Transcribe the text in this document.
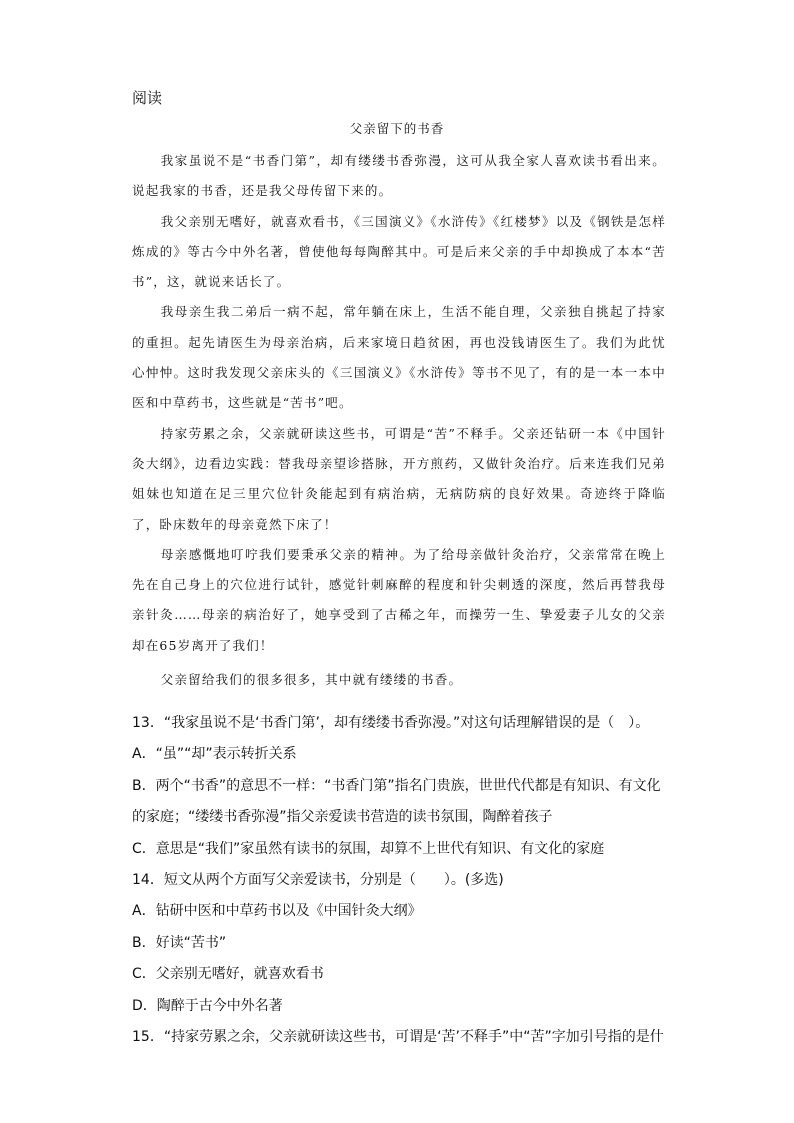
阅读
父亲留下的书香

我家虽说不是“书香门第”，却有缕缕书香弥漫，这可从我全家人喜欢读书看出来。说起我家的书香，还是我父母传留下来的。

我父亲别无嗜好，就喜欢看书，《三国演义》《水浒传》《红楼梦》以及《钢铁是怎样炼成的》等古今中外名著，曾使他每每陶醉其中。可是后来父亲的手中却换成了本本“苦书”，这，就说来话长了。

我母亲生我二弟后一病不起，常年躺在床上，生活不能自理，父亲独自挑起了持家的重担。起先请医生为母亲治病，后来家境日趋贫困，再也没钱请医生了。我们为此忧心忡忡。这时我发现父亲床头的《三国演义》《水浒传》等书不见了，有的是一本一本中医和中草药书，这些就是“苦书”吧。

持家劳累之余，父亲就研读这些书，可谓是“苦”不释手。父亲还钻研一本《中国针灸大纲》，边看边实践：替我母亲望诊搭脉，开方煎药，又做针灸治疗。后来连我们兄弟姐妹也知道在足三里穴位针灸能起到有病治病，无病防病的良好效果。奇迹终于降临了，卧床数年的母亲竟然下床了！

母亲感慨地叮咛我们要秉承父亲的精神。为了给母亲做针灸治疗，父亲常常在晚上先在自己身上的穴位进行试针，感觉针刺麻醉的程度和针尖刺透的深度，然后再替我母亲针灸……母亲的病治好了，她享受到了古稀之年，而操劳一生、挚爱妻子儿女的父亲却在65岁离开了我们！

父亲留给我们的很多很多，其中就有缕缕的书香。

13．“我家虽说不是‘书香门第’，却有缕缕书香弥漫。”对这句话理解错误的是（　）。
A．“虽”“却”表示转折关系
B．两个“书香”的意思不一样：“书香门第”指名门贵族，世世代代都是有知识、有文化
的家庭；“缕缕书香弥漫”指父亲爱读书营造的读书氛围，陶醉着孩子
C．意思是“我们”家虽然有读书的氛围，却算不上世代有知识、有文化的家庭
14．短文从两个方面写父亲爱读书，分别是（　　）。(多选)
A．钻研中医和中草药书以及《中国针灸大纲》
B．好读“苦书”
C．父亲别无嗜好，就喜欢看书
D．陶醉于古今中外名著
15．“持家劳累之余，父亲就研读这些书，可谓是‘苦’不释手”中“苦”字加引号指的是什
